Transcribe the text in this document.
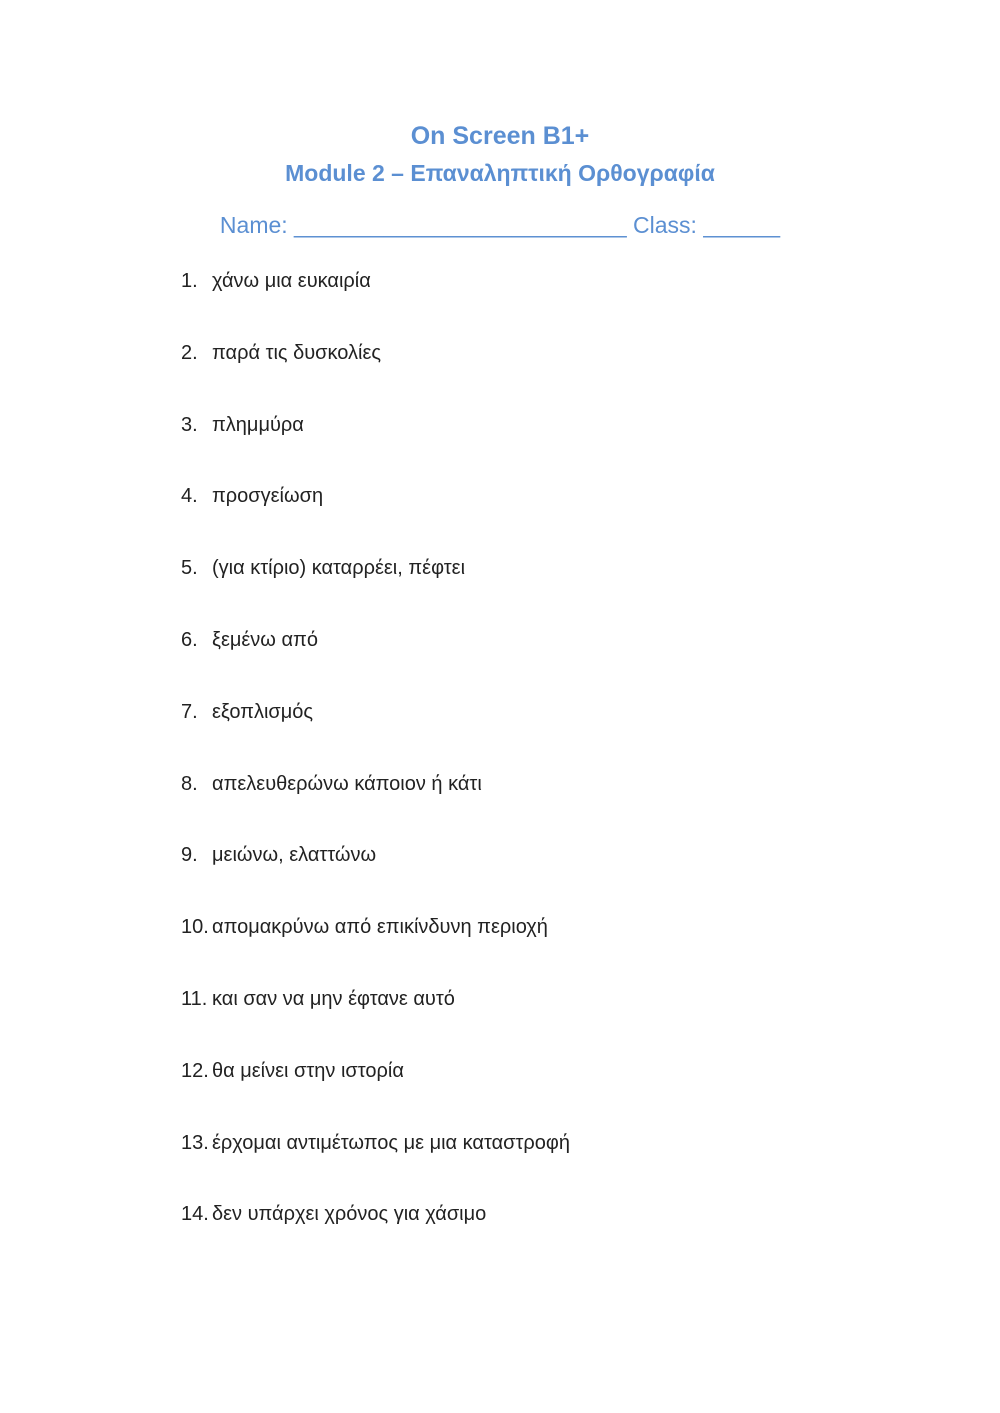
On Screen B1+
Module 2 – Επαναληπτική Ορθογραφία
Name: __________________________ Class: ______
1. χάνω μια ευκαιρία
2. παρά τις δυσκολίες
3. πλημμύρα
4. προσγείωση
5. (για κτίριο) καταρρέει, πέφτει
6. ξεμένω από
7. εξοπλισμός
8. απελευθερώνω κάποιον ή κάτι
9. μειώνω, ελαττώνω
10. απομακρύνω από επικίνδυνη περιοχή
11. και σαν να μην έφτανε αυτό
12. θα μείνει στην ιστορία
13. έρχομαι αντιμέτωπος με μια καταστροφή
14. δεν υπάρχει χρόνος για χάσιμο
